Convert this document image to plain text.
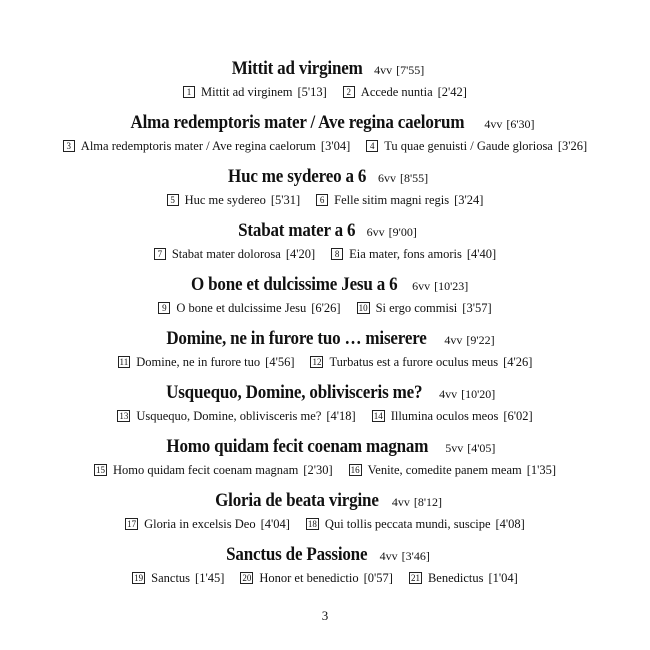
Mittit ad virginem 4vv [7'55]
1 Mittit ad virginem [5'13] 2 Accede nuntia [2'42]
Alma redemptoris mater / Ave regina caelorum 4vv [6'30]
3 Alma redemptoris mater / Ave regina caelorum [3'04] 4 Tu quae genuisti / Gaude gloriosa [3'26]
Huc me sydereo a 6 6vv [8'55]
5 Huc me sydereo [5'31] 6 Felle sitim magni regis [3'24]
Stabat mater a 6 6vv [9'00]
7 Stabat mater dolorosa [4'20] 8 Eia mater, fons amoris [4'40]
O bone et dulcissime Jesu a 6 6vv [10'23]
9 O bone et dulcissime Jesu [6'26] 10 Si ergo commisi [3'57]
Domine, ne in furore tuo … miserere 4vv [9'22]
11 Domine, ne in furore tuo [4'56] 12 Turbatus est a furore oculus meus [4'26]
Usquequo, Domine, oblivisceris me? 4vv [10'20]
13 Usquequo, Domine, oblivisceris me? [4'18] 14 Illumina oculos meos [6'02]
Homo quidam fecit coenam magnam 5vv [4'05]
15 Homo quidam fecit coenam magnam [2'30] 16 Venite, comedite panem meam [1'35]
Gloria de beata virgine 4vv [8'12]
17 Gloria in excelsis Deo [4'04] 18 Qui tollis peccata mundi, suscipe [4'08]
Sanctus de Passione 4vv [3'46]
19 Sanctus [1'45] 20 Honor et benedictio [0'57] 21 Benedictus [1'04]
3
